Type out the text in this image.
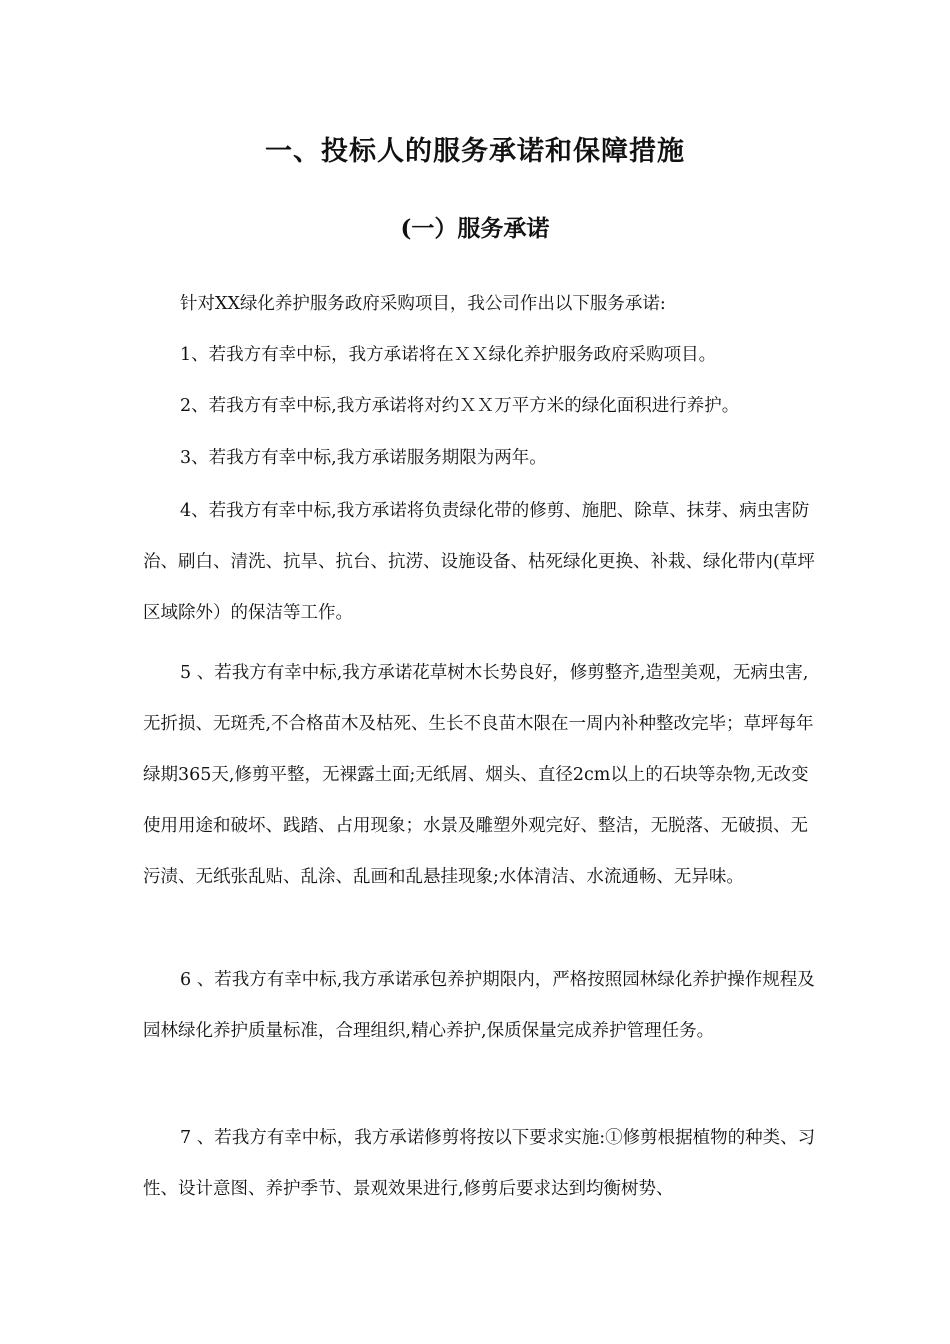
一、投标人的服务承诺和保障措施
(一）服务承诺
针对XX绿化养护服务政府采购项目，我公司作出以下服务承诺:
1、若我方有幸中标，我方承诺将在ＸＸ绿化养护服务政府采购项目。
2、若我方有幸中标,我方承诺将对约ＸＸ万平方米的绿化面积进行养护。
3、若我方有幸中标,我方承诺服务期限为两年。
4、若我方有幸中标,我方承诺将负责绿化带的修剪、施肥、除草、抹芽、病虫害防治、刷白、清洗、抗旱、抗台、抗涝、设施设备、枯死绿化更换、补栽、绿化带内(草坪区域除外）的保洁等工作。
5 、若我方有幸中标,我方承诺花草树木长势良好，修剪整齐,造型美观，无病虫害,无折损、无斑秃,不合格苗木及枯死、生长不良苗木限在一周内补种整改完毕；草坪每年绿期365天,修剪平整，无裸露土面;无纸屑、烟头、直径2cm以上的石块等杂物,无改变使用用途和破坏、践踏、占用现象；水景及雕塑外观完好、整洁，无脱落、无破损、无污渍、无纸张乱贴、乱涂、乱画和乱悬挂现象;水体清洁、水流通畅、无异味。
6 、若我方有幸中标,我方承诺承包养护期限内，严格按照园林绿化养护操作规程及园林绿化养护质量标准，合理组织,精心养护,保质保量完成养护管理任务。
7 、若我方有幸中标，我方承诺修剪将按以下要求实施:①修剪根据植物的种类、习性、设计意图、养护季节、景观效果进行,修剪后要求达到均衡树势、
